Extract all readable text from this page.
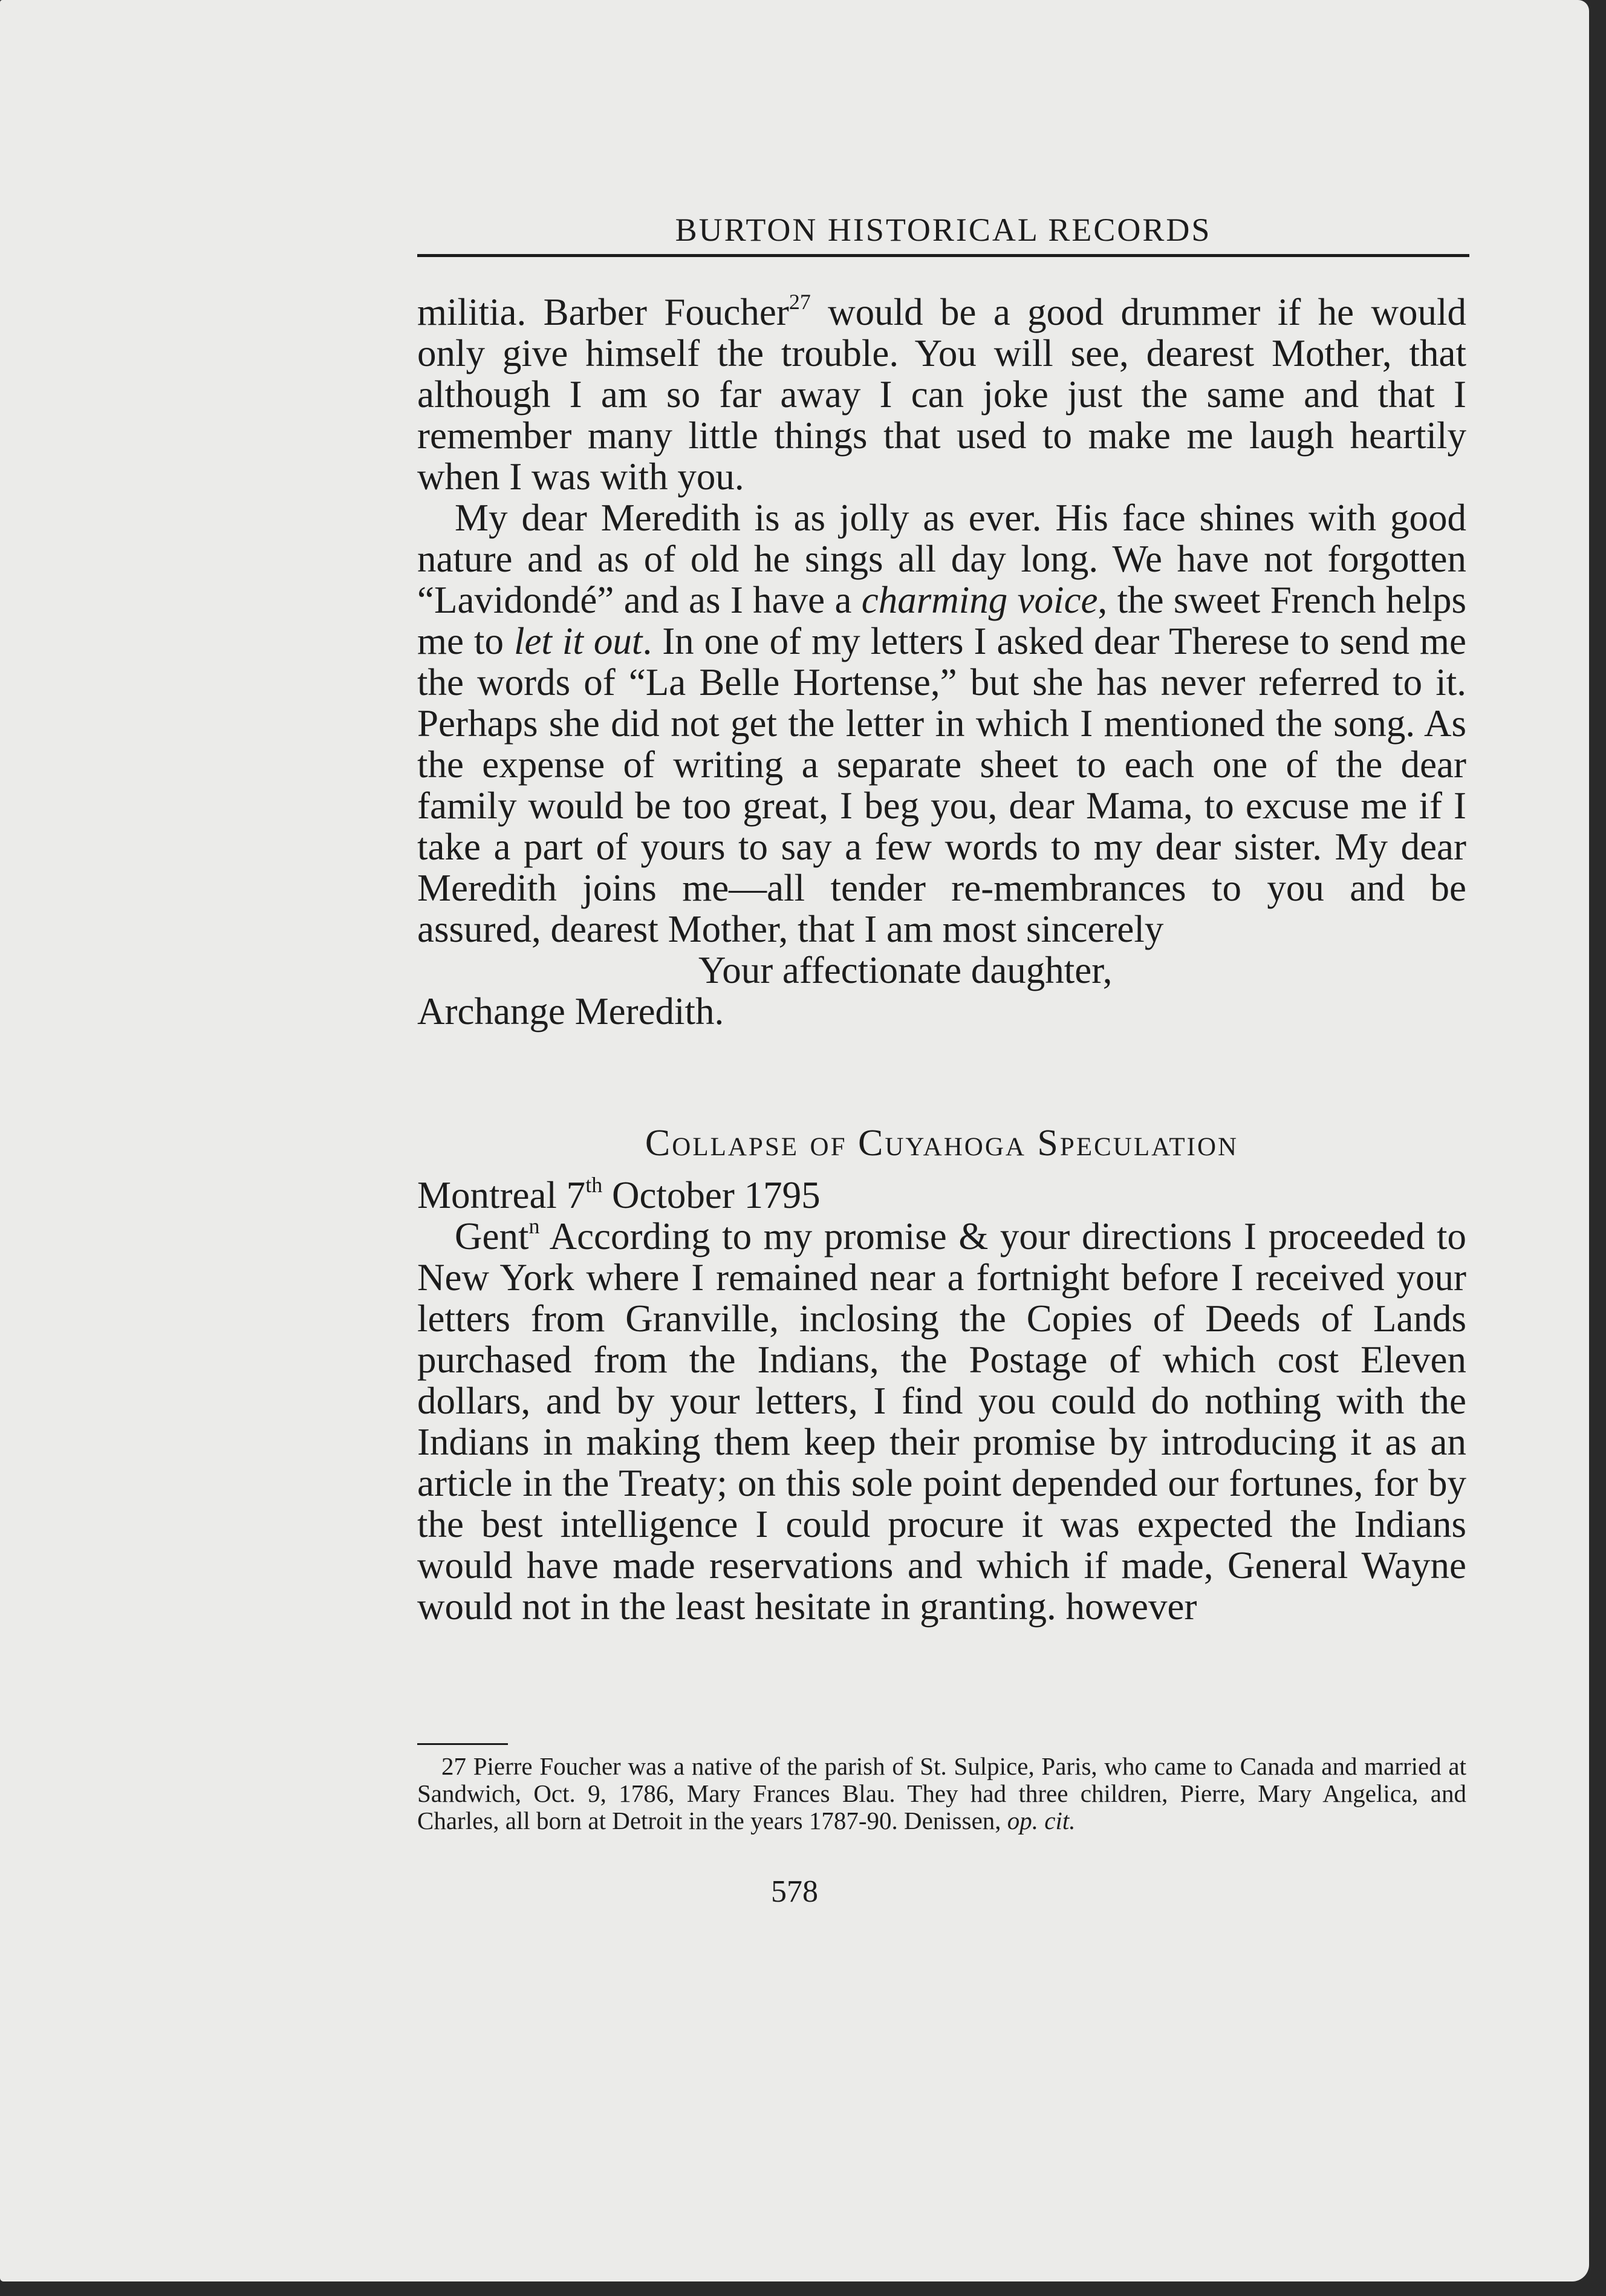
BURTON HISTORICAL RECORDS

militia. Barber Foucher$^{27}$ would be a good drummer if he would only give himself the trouble. You will see, dearest Mother, that although I am so far away I can joke just the same and that I remember many little things that used to make me laugh heartily when I was with you.

My dear Meredith is as jolly as ever. His face shines with good nature and as of old he sings all day long. We have not forgotten “Lavidondé” and as I have a charming voice, the sweet French helps me to let it out. In one of my letters I asked dear Therese to send me the words of “La Belle Hortense,” but she has never referred to it. Perhaps she did not get the letter in which I mentioned the song. As the expense of writing a separate sheet to each one of the dear family would be too great, I beg you, dear Mama, to excuse me if I take a part of yours to say a few words to my dear sister. My dear Meredith joins me—all tender re-membrances to you and be assured, dearest Mother, that I am most sincerely

Your affectionate daughter,

Archange Meredith.

Collapse of Cuyahoga Speculation

Montreal 7th October 1795

Gent$^n$ According to my promise & your directions I proceeded to New York where I remained near a fortnight before I received your letters from Granville, inclosing the Copies of Deeds of Lands purchased from the Indians, the Postage of which cost Eleven dollars, and by your letters, I find you could do nothing with the Indians in making them keep their promise by introducing it as an article in the Treaty; on this sole point depended our fortunes, for by the best intelligence I could procure it was expected the Indians would have made reservations and which if made, General Wayne would not in the least hesitate in granting. however

27 Pierre Foucher was a native of the parish of St. Sulpice, Paris, who came to Canada and married at Sandwich, Oct. 9, 1786, Mary Frances Blau. They had three children, Pierre, Mary Angelica, and Charles, all born at Detroit in the years 1787-90. Denissen, op. cit.
578
